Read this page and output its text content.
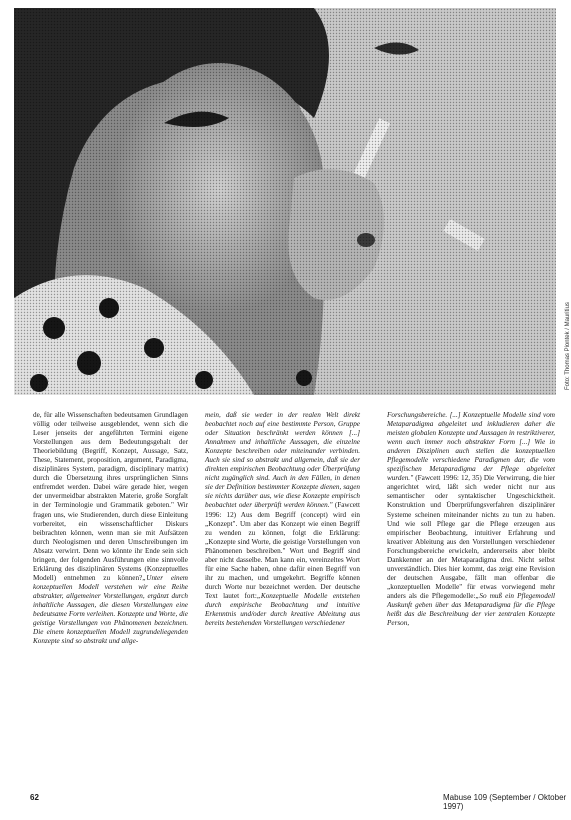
Foto: Thomas Piontek / Mauritius

de, für alle Wissenschaften bedeutsamen Grundlagen völlig oder teilweise ausgeblendet, wenn sich die Leser jenseits der angeführten Termini eigene Vorstellungen aus dem Bedeutungsgehalt der Theoriebildung (Begriff, Konzept, Aussage, Satz, These, Statement, proposition, argument, Paradigma, disziplinäres System, paradigm, disciplinary matrix) durch die Übersetzung ihres ursprünglichen Sinns entfremdet werden. Dabei wäre gerade hier, wegen der unvermeidbar abstrakten Materie, große Sorgfalt in der Terminologie und Grammatik geboten." Wir fragen uns, wie Studierenden, durch diese Einleitung vorbereitet, ein wissenschaftlicher Diskurs beibrachten können, wenn man sie mit Aufsätzen durch Neologismen und deren Umschreibungen im Absatz verwirrt. Denn wo könnte ihr Ende sein sich bringen, der folgenden Ausführungen eine sinnvolle Erklärung des disziplinären Systems (Konzeptuelles Modell) entnehmen zu können?„Unter einem konzeptuellen Modell verstehen wir eine Reihe abstrakter, allgemeiner Vorstellungen, ergänzt durch inhaltliche Aussagen, die diesen Vorstellungen eine bedeutsame Form verleihen. Konzepte und Worte, die geistige Vorstellungen von Phänomenen bezeichnen. Die einem konzeptuellen Modell zugrundeliegenden Konzepte sind so abstrakt und allge-

mein, daß sie weder in der realen Welt direkt beobachtet noch auf eine bestimmte Person, Gruppe oder Situation beschränkt werden können [...] Annahmen und inhaltliche Aussagen, die einzelne Konzepte beschreiben oder miteinander verbinden. Auch sie sind so abstrakt und allgemein, daß sie der direkten empirischen Beobachtung oder Überprüfung nicht zugänglich sind. Auch in den Fällen, in denen sie der Definition bestimmter Konzepte dienen, sagen sie nichts darüber aus, wie diese Konzepte empirisch beobachtet oder überprüft werden können." (Fawcett 1996: 12) Aus dem Begriff (concept) wird ein „Konzept". Um aber das Konzept wie einen Begriff zu wenden zu können, folgt die Erklärung: „Konzepte sind Worte, die geistige Vorstellungen von Phänomenen beschreiben." Wort und Begriff sind aber nicht dasselbe. Man kann ein, vereinzeltes Wort für eine Sache haben, ohne dafür einen Begriff von ihr zu machen, und umgekehrt. Begriffe können durch Worte nur bezeichnet werden. Der deutsche Text lautet fort:„Konzeptuelle Modelle entstehen durch empirische Beobachtung und intuitive Erkenntnis und/oder durch kreative Ableitung aus bereits bestehenden Vorstellungen verschiedener

Forschungsbereiche. [...] Konzeptuelle Modelle sind vom Metaparadigma abgeleitet und inkludieren daher die meisten globalen Konzepte und Aussagen in restriktiverer, wenn auch immer noch abstrakter Form [...] Wie in anderen Disziplinen auch stellen die konzeptuellen Pflegemodelle verschiedene Paradigmen dar, die vom spezifischen Metaparadigma der Pflege abgeleitet wurden." (Fawcett 1996: 12, 35) Die Verwirrung, die hier angerichtet wird, läßt sich weder nicht nur aus semantischer oder syntaktischer Ungeschicktheit. Konstruktion und Überprüfungsverfahren disziplinärer Systeme scheinen miteinander nichts zu tun zu haben. Und wie soll Pflege gar die Pflege erzeugen aus empirischer Beobachtung, intuitiver Erfahrung und kreativer Ableitung aus den Vorstellungen verschiedener Forschungsbereiche erwickeln, andererseits aber bleibt Dankkenner an der Metaparadigma drei. Nicht selbst unverständlich. Dies hier kommt, das zeigt eine Revision der deutschen Ausgabe, fällt man offenbar die „konzeptuellen Modelle" für etwas vorwiegend mehr anders als die Pflegemodelle:„So muß ein Pflegemodell Auskunft geben über das Metaparadigma für die Pflege heißt das die Beschreibung der vier zentralen Konzepte Person,

62	Mabuse 109 (September / Oktober 1997)
